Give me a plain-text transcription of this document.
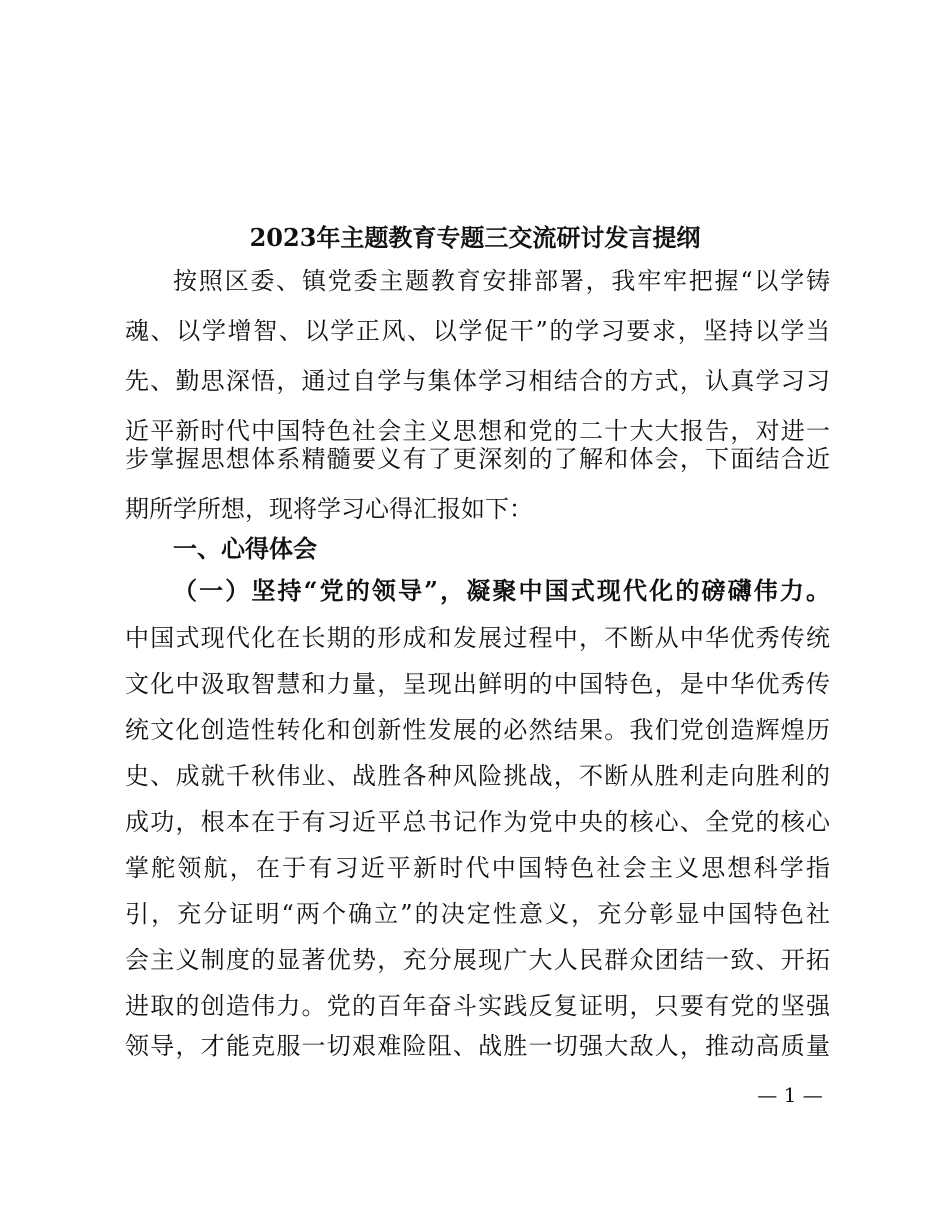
2023年主题教育专题三交流研讨发言提纲
按照区委、镇党委主题教育安排部署，我牢牢把握“以学铸
魂、以学增智、以学正风、以学促干”的学习要求，坚持以学当
先、勤思深悟，通过自学与集体学习相结合的方式，认真学习习
近平新时代中国特色社会主义思想和党的二十大大报告，对进一
步掌握思想体系精髓要义有了更深刻的了解和体会，下面结合近
期所学所想，现将学习心得汇报如下：
一、心得体会
（一）坚持“党的领导”，凝聚中国式现代化的磅礴伟力。
中国式现代化在长期的形成和发展过程中，不断从中华优秀传统
文化中汲取智慧和力量，呈现出鲜明的中国特色，是中华优秀传
统文化创造性转化和创新性发展的必然结果。我们党创造辉煌历
史、成就千秋伟业、战胜各种风险挑战，不断从胜利走向胜利的
成功，根本在于有习近平总书记作为党中央的核心、全党的核心
掌舵领航，在于有习近平新时代中国特色社会主义思想科学指
引，充分证明“两个确立”的决定性意义，充分彰显中国特色社
会主义制度的显著优势，充分展现广大人民群众团结一致、开拓
进取的创造伟力。党的百年奋斗实践反复证明，只要有党的坚强
领导，才能克服一切艰难险阻、战胜一切强大敌人，推动高质量
— 1 —
